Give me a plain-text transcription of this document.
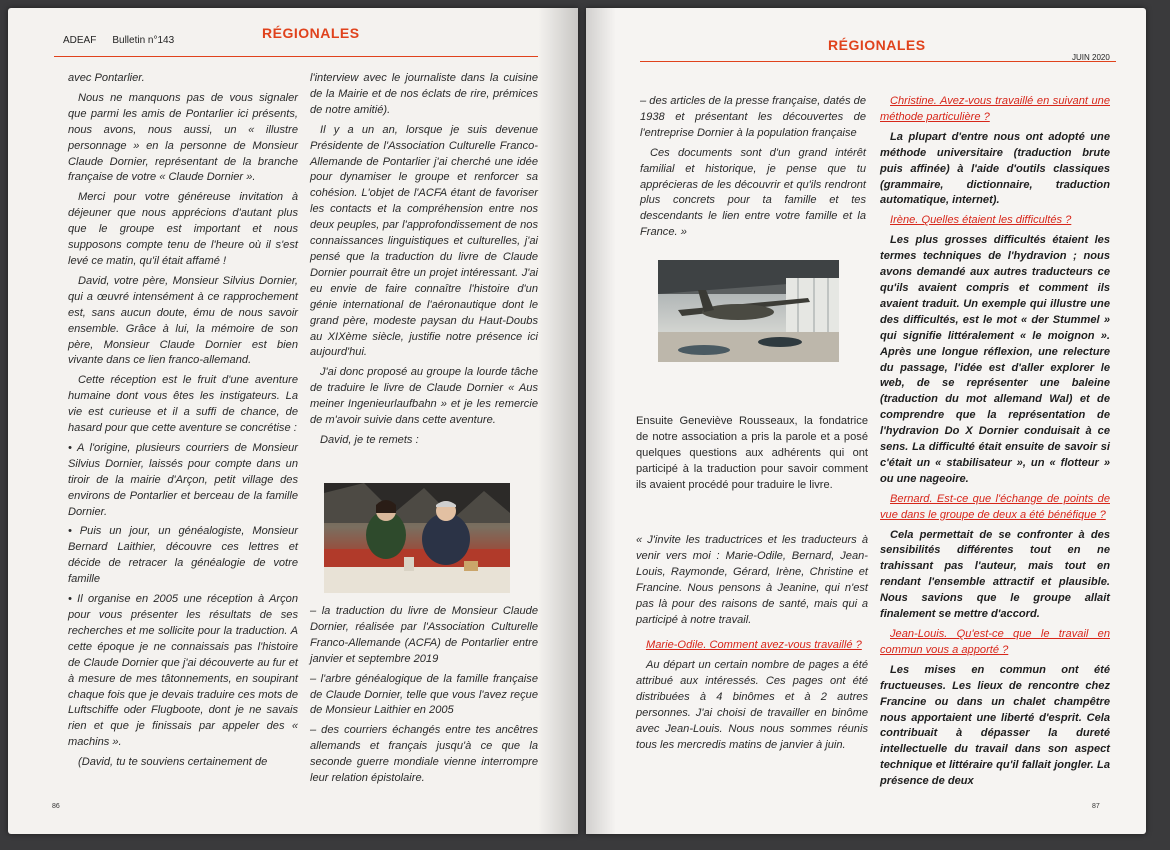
ADEAF Bulletin n°143	RÉGIONALES

avec Pontarlier.

Nous ne manquons pas de vous signaler que parmi les amis de Pontarlier ici présents, nous avons, nous aussi, un « illustre personnage » en la personne de Monsieur Claude Dornier, représentant de la branche française de votre « Claude Dornier ».

Merci pour votre généreuse invitation à déjeuner que nous apprécions d'autant plus que le groupe est important et nous supposons compte tenu de l'heure où il s'est levé ce matin, qu'il était affamé !

David, votre père, Monsieur Silvius Dornier, qui a œuvré intensément à ce rapprochement est, sans aucun doute, ému de nous savoir ensemble. Grâce à lui, la mémoire de son père, Monsieur Claude Dornier est bien vivante dans ce lien franco-allemand.

Cette réception est le fruit d'une aventure humaine dont vous êtes les instigateurs. La vie est curieuse et il a suffi de chance, de hasard pour que cette aventure se concrétise :

• A l'origine, plusieurs courriers de Monsieur Silvius Dornier, laissés pour compte dans un tiroir de la mairie d'Arçon, petit village des environs de Pontarlier et berceau de la famille Dornier.

• Puis un jour, un généalogiste, Monsieur Bernard Laithier, découvre ces lettres et décide de retracer la généalogie de votre famille

• Il organise en 2005 une réception à Arçon pour vous présenter les résultats de ses recherches et me sollicite pour la traduction. A cette époque je ne connaissais pas l'histoire de Claude Dornier que j'ai découverte au fur et à mesure de mes tâtonnements, en soupirant chaque fois que je devais traduire ces mots de Luftschiffe oder Flugboote, dont je ne savais rien et que je finissais par appeler des « machins ».

(David, tu te souviens certainement de

l'interview avec le journaliste dans la cuisine de la Mairie et de nos éclats de rire, prémices de notre amitié).

Il y a un an, lorsque je suis devenue Présidente de l'Association Culturelle Franco-Allemande de Pontarlier j'ai cherché une idée pour dynamiser le groupe et renforcer sa cohésion. L'objet de l'ACFA étant de favoriser les contacts et la compréhension entre nos deux peuples, par l'approfondissement de nos connaissances linguistiques et culturelles, j'ai pensé que la traduction du livre de Claude Dornier pourrait être un projet intéressant. J'ai eu envie de faire connaître l'histoire d'un génie international de l'aéronautique dont le grand père, modeste paysan du Haut-Doubs au XIXème siècle, justifie notre présence ici aujourd'hui.

J'ai donc proposé au groupe la lourde tâche de traduire le livre de Claude Dornier « Aus meiner Ingenieurlaufbahn » et je les remercie de m'avoir suivie dans cette aventure.

David, je te remets :

– la traduction du livre de Monsieur Claude Dornier, réalisée par l'Association Culturelle Franco-Allemande (ACFA) de Pontarlier entre janvier et septembre 2019

– l'arbre généalogique de la famille française de Claude Dornier, telle que vous l'avez reçue de Monsieur Laithier en 2005

– des courriers échangés entre tes ancêtres allemands et français jusqu'à ce que la seconde guerre mondiale vienne interrompre leur relation épistolaire.

86
RÉGIONALES
JUIN 2020

– des articles de la presse française, datés de 1938 et présentant les découvertes de l'entreprise Dornier à la population française

Ces documents sont d'un grand intérêt familial et historique, je pense que tu apprécieras de les découvrir et qu'ils rendront plus concrets pour ta famille et tes descendants le lien entre votre famille et la France. »

Ensuite Geneviève Rousseaux, la fondatrice de notre association a pris la parole et a posé quelques questions aux adhérents qui ont participé à la traduction pour savoir comment ils avaient procédé pour traduire le livre.

« J'invite les traductrices et les traducteurs à venir vers moi : Marie-Odile, Bernard, Jean-Louis, Raymonde, Gérard, Irène, Christine et Francine. Nous pensons à Jeanine, qui n'est pas là pour des raisons de santé, mais qui a participé à notre travail.

Marie-Odile. Comment avez-vous travaillé ?

Au départ un certain nombre de pages a été attribué aux intéressés. Ces pages ont été distribuées à 4 binômes et à 2 autres personnes. J'ai choisi de travailler en binôme avec Jean-Louis. Nous nous sommes réunis tous les mercredis matins de janvier à juin.

Christine. Avez-vous travaillé en suivant une méthode particulière ?

La plupart d'entre nous ont adopté une méthode universitaire (traduction brute puis affinée) à l'aide d'outils classiques (grammaire, dictionnaire, traduction automatique, internet).

Irène. Quelles étaient les difficultés ?

Les plus grosses difficultés étaient les termes techniques de l'hydravion ; nous avons demandé aux autres traducteurs ce qu'ils avaient compris et comment ils avaient traduit. Un exemple qui illustre une des difficultés, est le mot « der Stummel » qui signifie littéralement « le moignon ». Après une longue réflexion, une relecture du passage, l'idée est d'aller explorer le web, de se représenter une baleine (traduction du mot allemand Wal) et de comprendre que la représentation de l'hydravion Do X Dornier conduisait à ce sens. La difficulté était ensuite de savoir si c'était un « stabilisateur », un « flotteur » ou une nageoire.

Bernard. Est-ce que l'échange de points de vue dans le groupe de deux a été bénéfique ?

Cela permettait de se confronter à des sensibilités différentes tout en ne trahissant pas l'auteur, mais tout en rendant l'ensemble attractif et plausible. Nous savions que le groupe allait finalement se mettre d'accord.

Jean-Louis. Qu'est-ce que le travail en commun vous a apporté ?

Les mises en commun ont été fructueuses. Les lieux de rencontre chez Francine ou dans un chalet champêtre nous apportaient une liberté d'esprit. Cela contribuait à dépasser la dureté intellectuelle du travail dans son aspect technique et littéraire qu'il fallait jongler. La présence de deux

87
